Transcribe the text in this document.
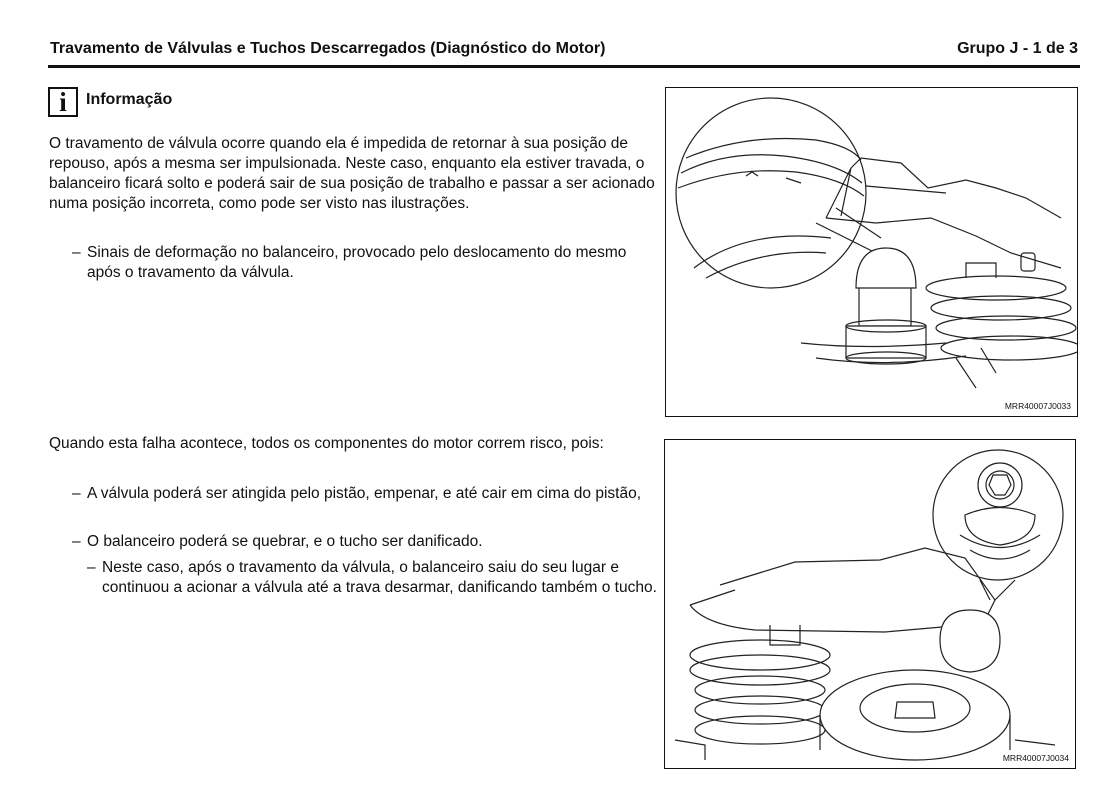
Travamento de Válvulas e Tuchos Descarregados (Diagnóstico do Motor)	Grupo J - 1 de 3
i Informação
O travamento de válvula ocorre quando ela é impedida de retornar à sua posição de repouso, após a mesma ser impulsionada. Neste caso, enquanto ela estiver travada, o balanceiro ficará solto e poderá sair de sua posição de trabalho e passar a ser acionado numa posição incorreta, como pode ser visto nas ilustrações.
– Sinais de deformação no balanceiro, provocado pelo deslocamento do mesmo após o travamento da válvula.
Quando esta falha acontece, todos os componentes do motor correm risco, pois:
– A válvula poderá ser atingida pelo pistão, empenar, e até cair em cima do pistão,
– O balanceiro poderá se quebrar, e o tucho ser danificado.
– Neste caso, após o travamento da válvula, o balanceiro saiu do seu lugar e continuou a acionar a válvula até a trava desarmar, danificando também o tucho.
MRR40007J0033
MRR40007J0034
